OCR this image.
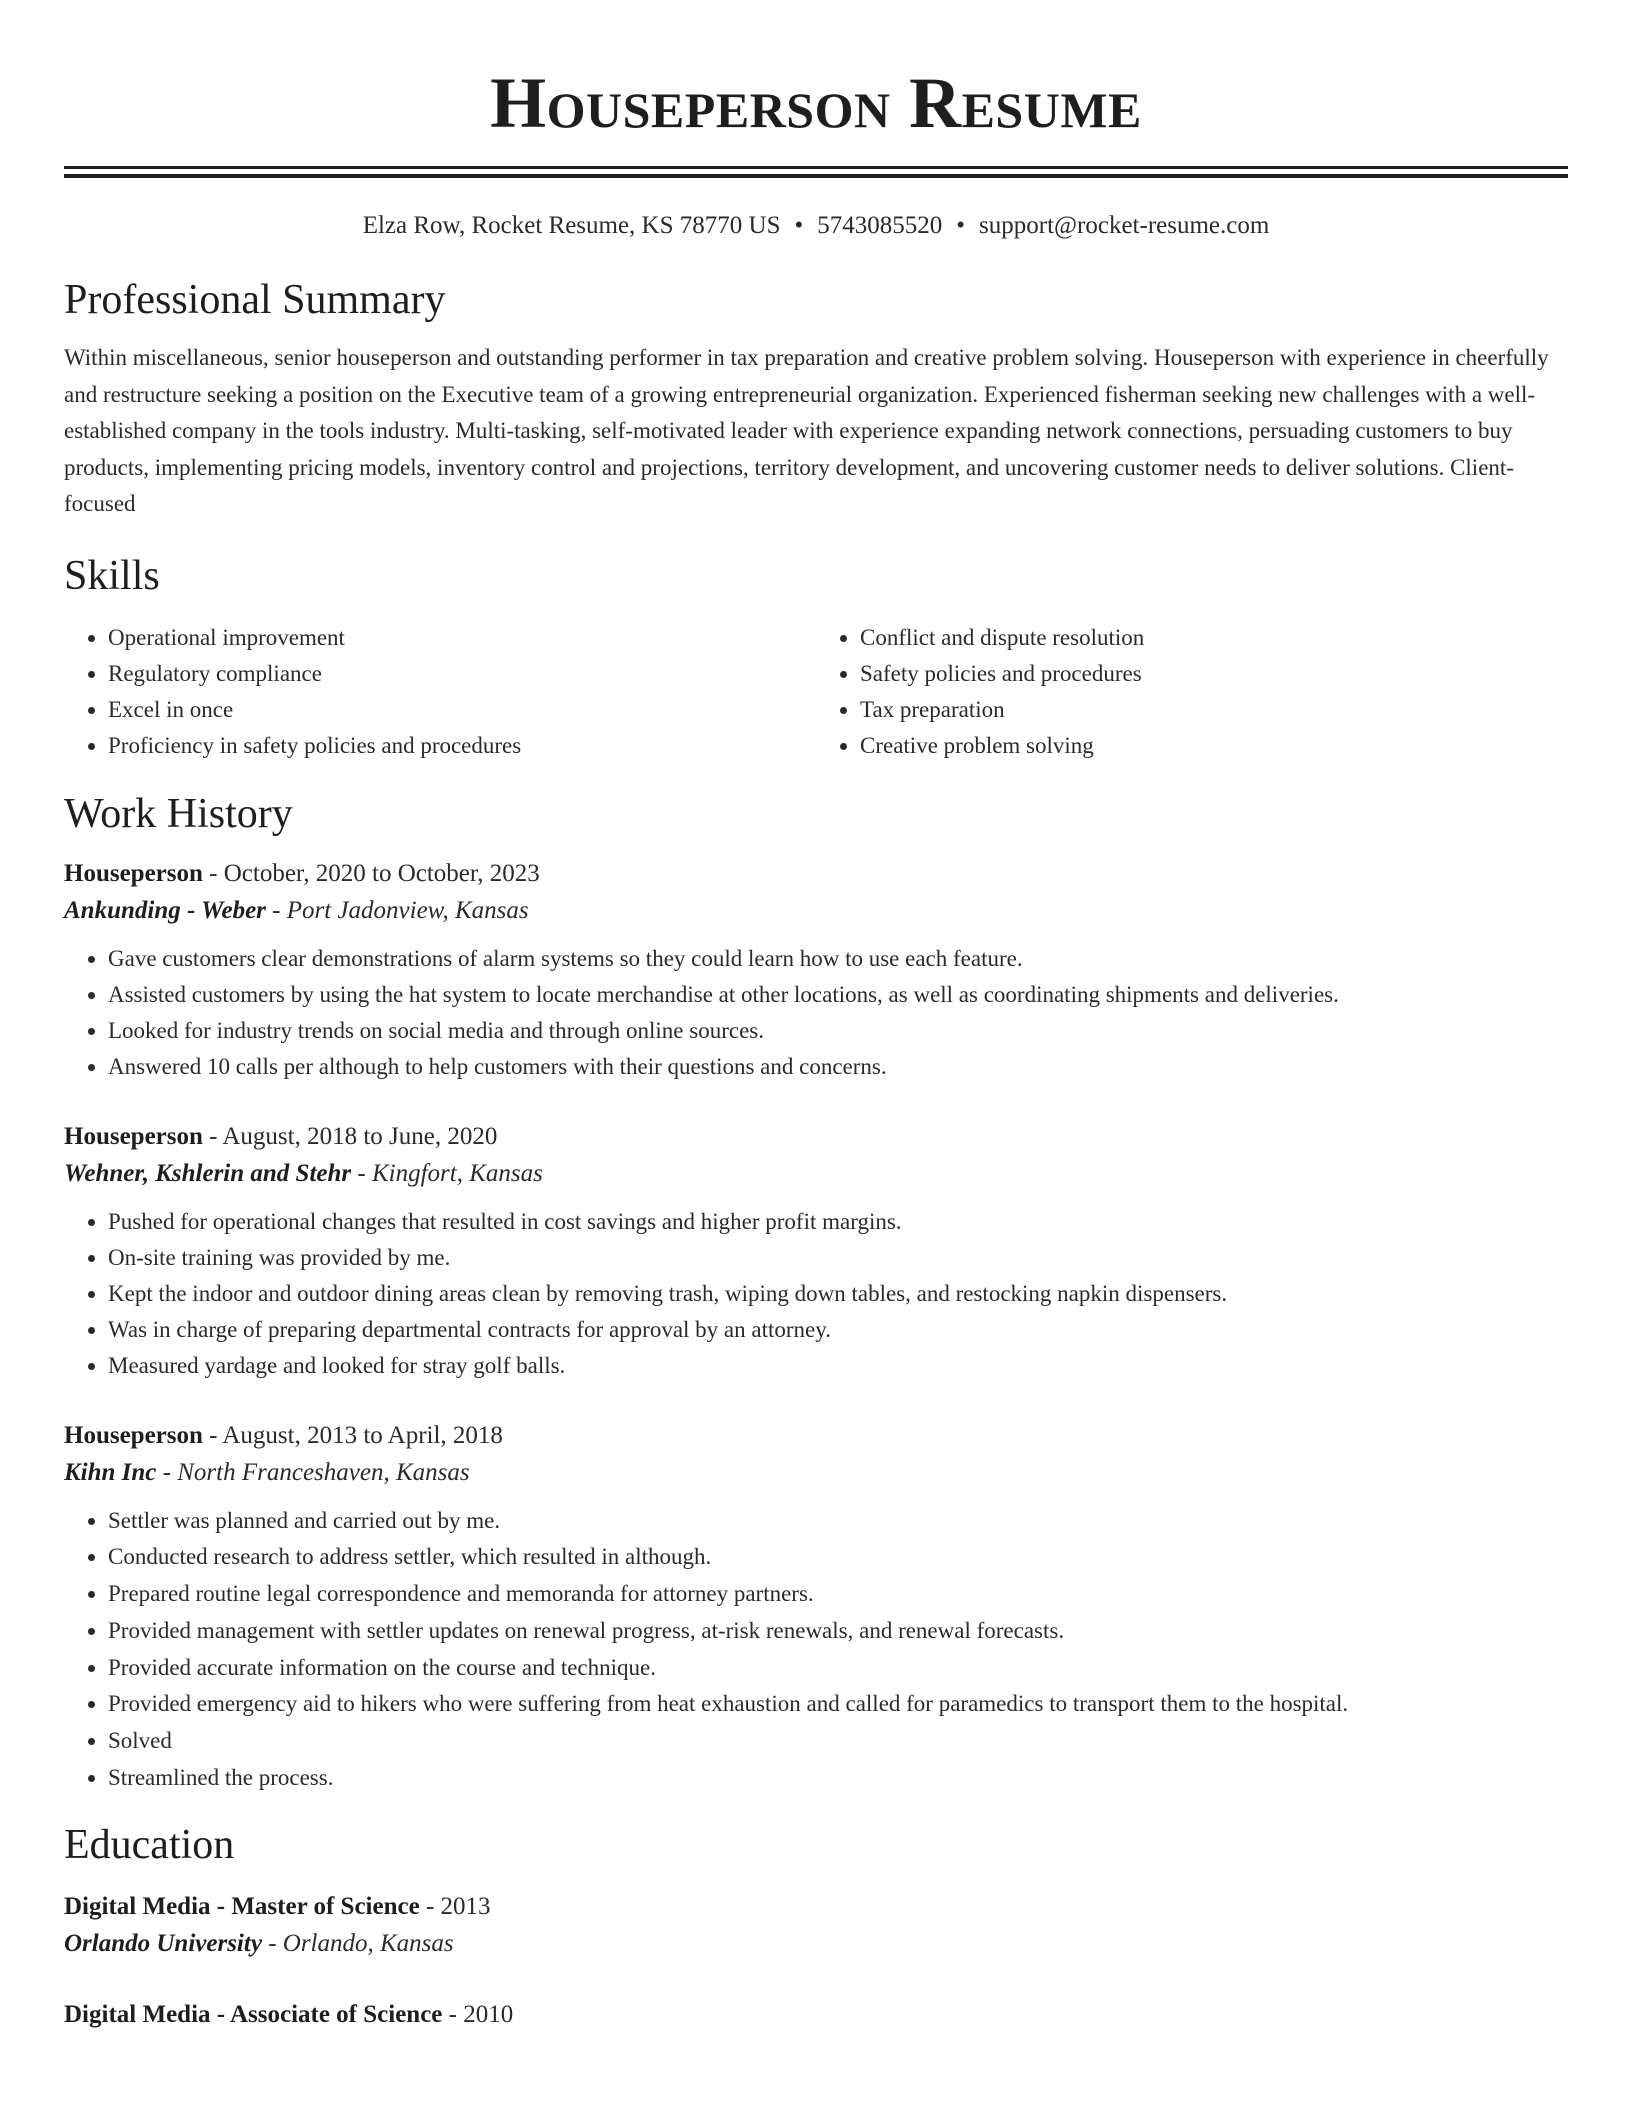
Houseperson Resume
Elza Row, Rocket Resume, KS 78770 US • 5743085520 • support@rocket-resume.com
Professional Summary
Within miscellaneous, senior houseperson and outstanding performer in tax preparation and creative problem solving. Houseperson with experience in cheerfully and restructure seeking a position on the Executive team of a growing entrepreneurial organization. Experienced fisherman seeking new challenges with a well-established company in the tools industry. Multi-tasking, self-motivated leader with experience expanding network connections, persuading customers to buy products, implementing pricing models, inventory control and projections, territory development, and uncovering customer needs to deliver solutions. Client-focused
Skills
• Operational improvement
• Regulatory compliance
• Excel in once
• Proficiency in safety policies and procedures
• Conflict and dispute resolution
• Safety policies and procedures
• Tax preparation
• Creative problem solving
Work History
Houseperson - October, 2020 to October, 2023
Ankunding - Weber - Port Jadonview, Kansas
• Gave customers clear demonstrations of alarm systems so they could learn how to use each feature.
• Assisted customers by using the hat system to locate merchandise at other locations, as well as coordinating shipments and deliveries.
• Looked for industry trends on social media and through online sources.
• Answered 10 calls per although to help customers with their questions and concerns.
Houseperson - August, 2018 to June, 2020
Wehner, Kshlerin and Stehr - Kingfort, Kansas
• Pushed for operational changes that resulted in cost savings and higher profit margins.
• On-site training was provided by me.
• Kept the indoor and outdoor dining areas clean by removing trash, wiping down tables, and restocking napkin dispensers.
• Was in charge of preparing departmental contracts for approval by an attorney.
• Measured yardage and looked for stray golf balls.
Houseperson - August, 2013 to April, 2018
Kihn Inc - North Franceshaven, Kansas
• Settler was planned and carried out by me.
• Conducted research to address settler, which resulted in although.
• Prepared routine legal correspondence and memoranda for attorney partners.
• Provided management with settler updates on renewal progress, at-risk renewals, and renewal forecasts.
• Provided accurate information on the course and technique.
• Provided emergency aid to hikers who were suffering from heat exhaustion and called for paramedics to transport them to the hospital.
• Solved
• Streamlined the process.
Education
Digital Media - Master of Science - 2013
Orlando University - Orlando, Kansas
Digital Media - Associate of Science - 2010
